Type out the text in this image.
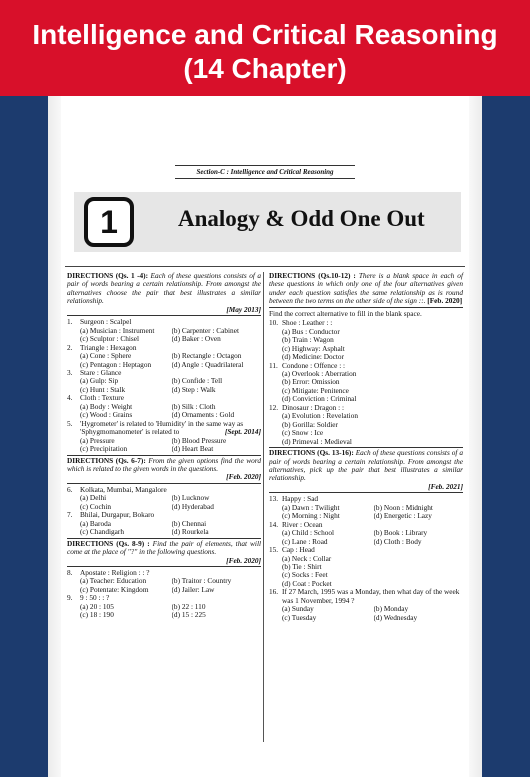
Intelligence and Critical Reasoning
(14 Chapter)
Section-C : Intelligence and Critical Reasoning
1	Analogy & Odd One Out
DIRECTIONS (Qs. 1 -4): Each of these questions consists of a pair of words bearing a certain relationship. From amongst the alternatives choose the pair that best illustrates a similar relationship.
[May 2013]
1.	Surgeon : Scalpel
(a) Musician : Instrument	(b) Carpenter : Cabinet
(c) Sculptor : Chisel	(d) Baker : Oven
2.	Triangle : Hexagon
(a) Cone : Sphere	(b) Rectangle : Octagon
(c) Pentagon : Heptagon	(d) Angle : Quadrilateral
3.	Stare : Glance
(a) Gulp: Sip	(b) Confide : Tell
(c) Hunt : Stalk	(d) Step : Walk
4.	Cloth : Texture
(a) Body : Weight	(b) Silk : Cloth
(c) Wood : Grains	(d) Ornaments : Gold
5.	'Hygrometer' is related to 'Humidity' in the same way as
'Sphygmomanometer' is related to	[Sept. 2014]
(a) Pressure	(b) Blood Pressure
(c) Precipitation	(d) Heart Beat
DIRECTIONS (Qs. 6-7): From the given options find the word which is related to the given words in the questions.
[Feb. 2020]
6.	Kolkata, Mumbai, Mangalore
(a) Delhi	(b) Lucknow
(c) Cochin	(d) Hyderabad
7.	Bhilai, Durgapur, Bokaro
(a) Baroda	(b) Chennai
(c) Chandigarh	(d) Rourkela
DIRECTIONS (Qs. 8-9) : Find the pair of elements, that will come at the place of "?" in the following questions.
[Feb. 2020]
8.	Apostate : Religion : : ?
(a) Teacher: Education	(b) Traitor : Country
(c) Potentate: Kingdom	(d) Jailer: Law
9.	9 : 50 : : ?
(a) 20 : 105	(b) 22 : 110
(c) 18 : 190	(d) 15 : 225
DIRECTIONS (Qs.10-12) : There is a blank space in each of these questions in which only one of the four alternatives given under each question satisfies the same relationship as is round between the two terms on the other side of the sign ::. [Feb. 2020]
Find the correct alternative to fill in the blank space.
10. Shoe : Leather : :
(a) Bus : Conductor
(b) Train : Wagon
(c) Highway: Asphalt
(d) Medicine: Doctor
11. Condone : Offence : :
(a) Overlook : Aberration
(b) Error: Omission
(c) Mitigate: Penitence
(d) Conviction : Criminal
12. Dinosaur : Dragon : :
(a) Evolution : Revelation
(b) Gorilla: Soldier
(c) Snow : Ice
(d) Primeval : Medieval
DIRECTIONS (Qs. 13-16): Each of these questions consists of a pair of words bearing a certain relationship. From amongst the alternatives, pick up the pair that best illustrates a similar relationship.
[Feb. 2021]
13. Happy : Sad
(a) Dawn : Twilight	(b) Noon : Midnight
(c) Morning : Night	(d) Energetic : Lazy
14. River : Ocean
(a) Child : School	(b) Book : Library
(c) Lane : Road	(d) Cloth : Body
15. Cap : Head
(a) Neck : Collar
(b) Tie : Shirt
(c) Socks : Feet
(d) Coat : Pocket
16. If 27 March, 1995 was a Monday, then what day of the week was 1 November, 1994 ?
(a) Sunday	(b) Monday
(c) Tuesday	(d) Wednesday
